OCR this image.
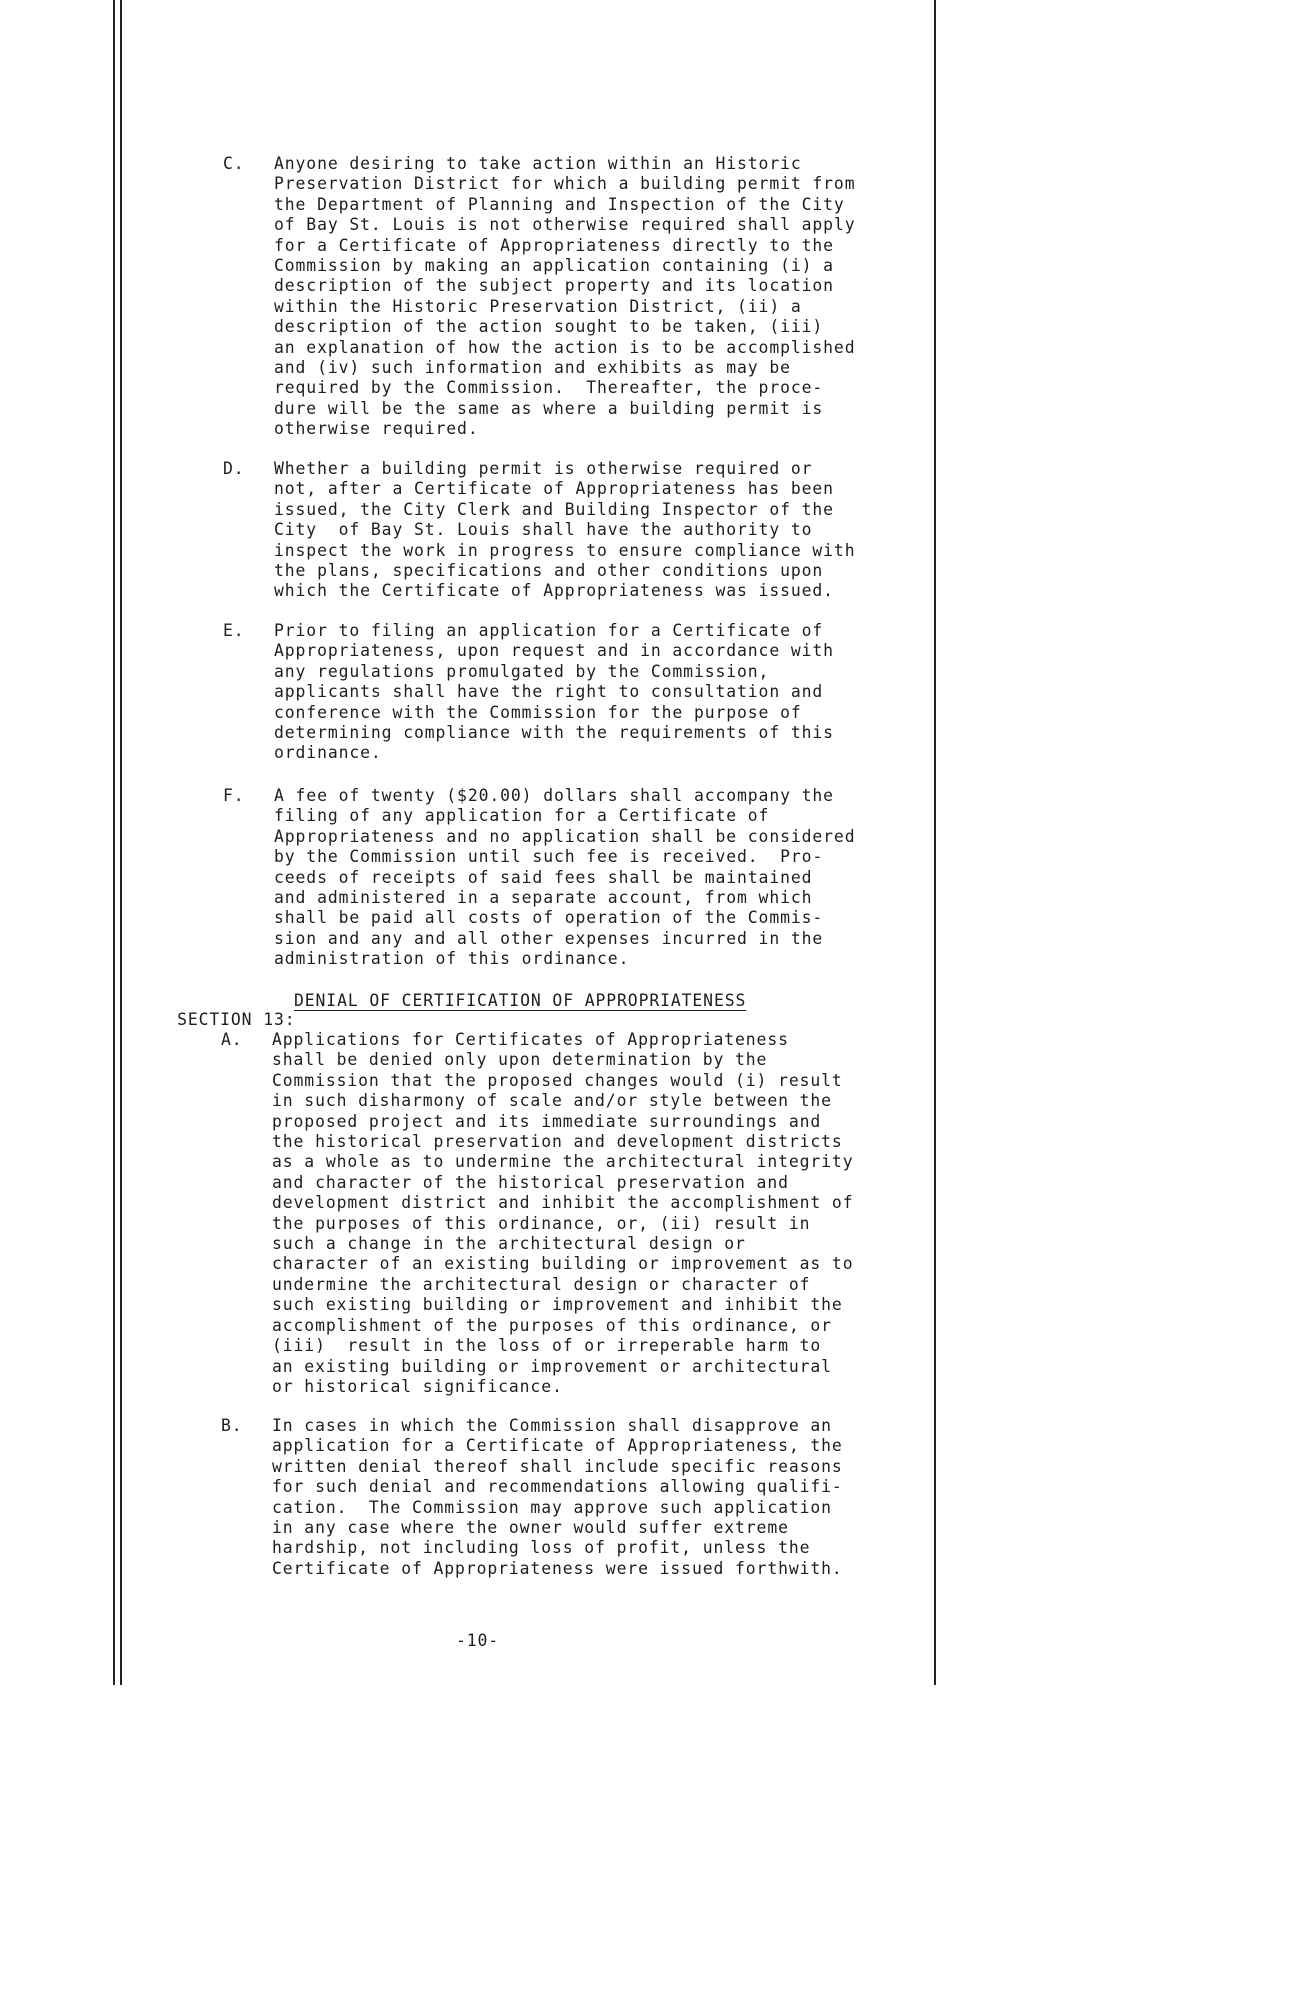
C. Anyone desiring to take action within an Historic
Preservation District for which a building permit from
the Department of Planning and Inspection of the City
of Bay St. Louis is not otherwise required shall apply
for a Certificate of Appropriateness directly to the
Commission by making an application containing (i) a
description of the subject property and its location
within the Historic Preservation District, (ii) a
description of the action sought to be taken, (iii)
an explanation of how the action is to be accomplished
and (iv) such information and exhibits as may be
required by the Commission.  Thereafter, the proce-
dure will be the same as where a building permit is
otherwise required.
D. Whether a building permit is otherwise required or
not, after a Certificate of Appropriateness has been
issued, the City Clerk and Building Inspector of the
City  of Bay St. Louis shall have the authority to
inspect the work in progress to ensure compliance with
the plans, specifications and other conditions upon
which the Certificate of Appropriateness was issued.
E. Prior to filing an application for a Certificate of
Appropriateness, upon request and in accordance with
any regulations promulgated by the Commission,
applicants shall have the right to consultation and
conference with the Commission for the purpose of
determining compliance with the requirements of this
ordinance.
F. A fee of twenty ($20.00) dollars shall accompany the
filing of any application for a Certificate of
Appropriateness and no application shall be considered
by the Commission until such fee is received.  Pro-
ceeds of receipts of said fees shall be maintained
and administered in a separate account, from which
shall be paid all costs of operation of the Commis-
sion and any and all other expenses incurred in the
administration of this ordinance.

SECTION 13:

DENIAL OF CERTIFICATION OF APPROPRIATENESS

A. Applications for Certificates of Appropriateness
shall be denied only upon determination by the
Commission that the proposed changes would (i) result
in such disharmony of scale and/or style between the
proposed project and its immediate surroundings and
the historical preservation and development districts
as a whole as to undermine the architectural integrity
and character of the historical preservation and
development district and inhibit the accomplishment of
the purposes of this ordinance, or, (ii) result in
such a change in the architectural design or
character of an existing building or improvement as to
undermine the architectural design or character of
such existing building or improvement and inhibit the
accomplishment of the purposes of this ordinance, or
(iii)  result in the loss of or irreperable harm to
an existing building or improvement or architectural
or historical significance.
B. In cases in which the Commission shall disapprove an
application for a Certificate of Appropriateness, the
written denial thereof shall include specific reasons
for such denial and recommendations allowing qualifi-
cation.  The Commission may approve such application
in any case where the owner would suffer extreme
hardship, not including loss of profit, unless the
Certificate of Appropriateness were issued forthwith.
-10-
